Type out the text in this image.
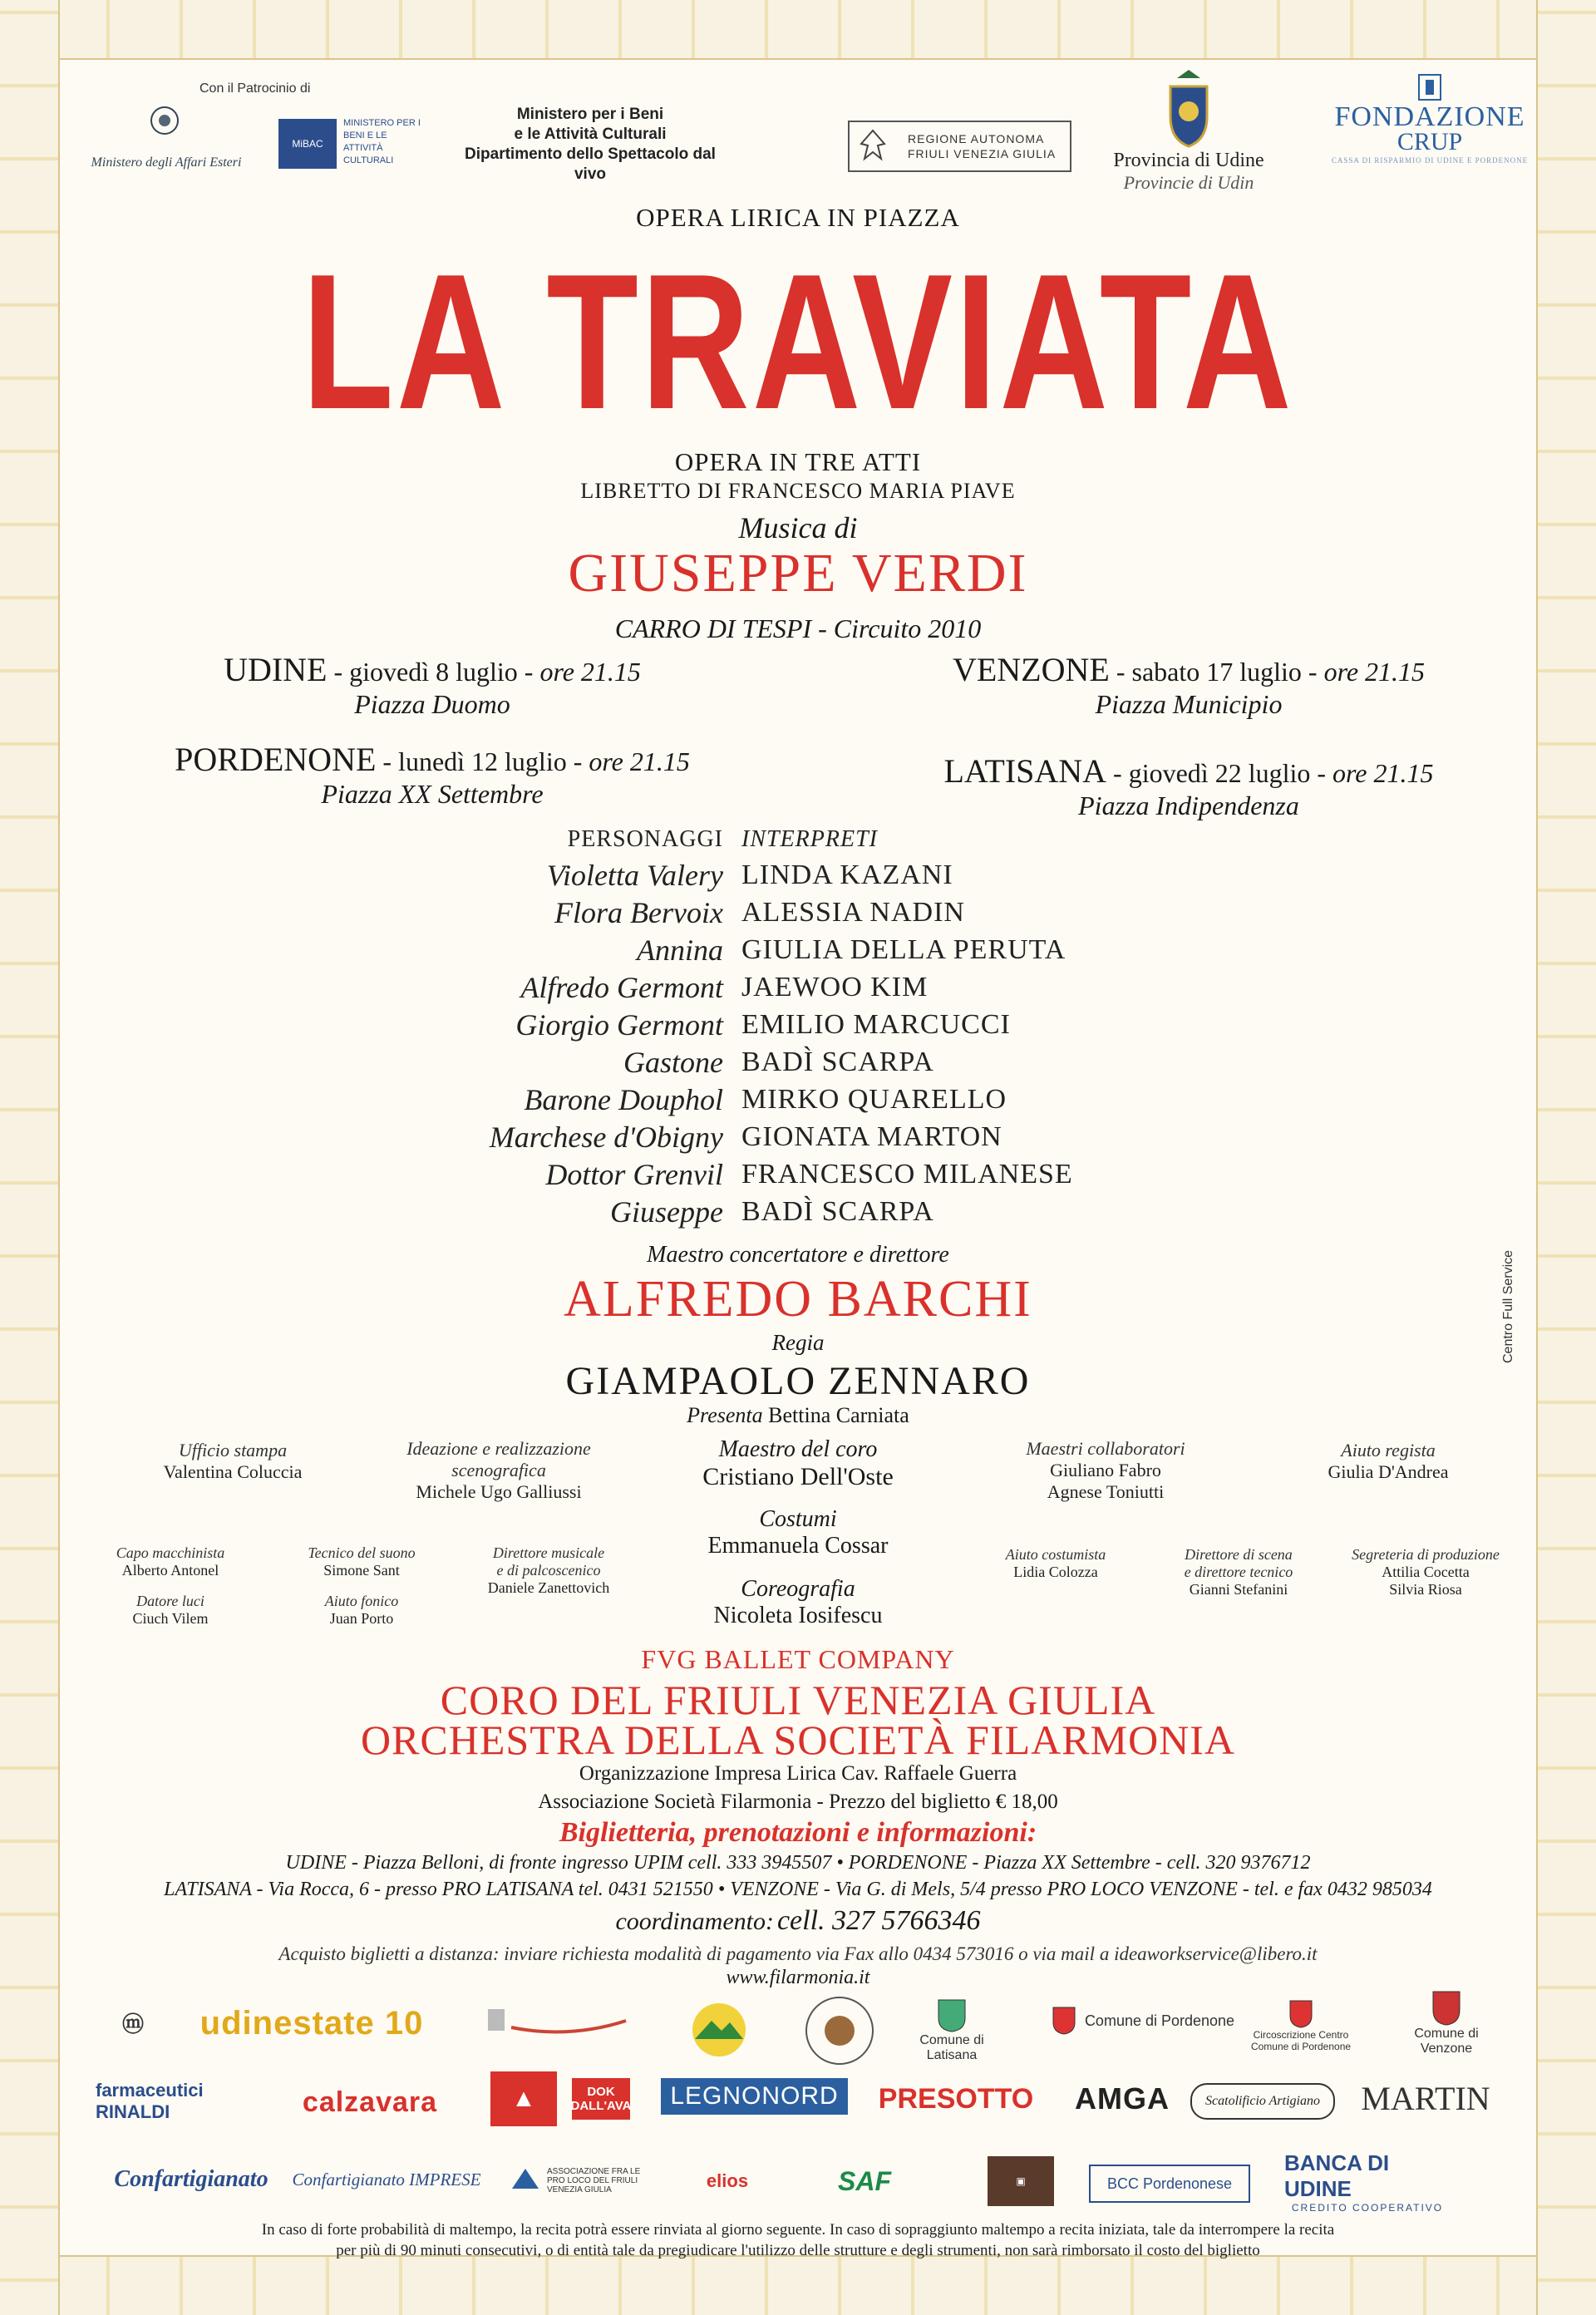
Con il Patrocinio di
Ministero degli Affari Esteri
MiBAC
MINISTERO PER I BENI E LE ATTIVITÀ CULTURALI
Ministero per i Beni
e le Attività Culturali
Dipartimento dello Spettacolo dal vivo
REGIONE AUTONOMA
FRIULI VENEZIA GIULIA	Provincia di Udine
Provincie di Udin
FONDAZIONE
CRUP
CASSA DI RISPARMIO DI UDINE E PORDENONE
OPERA LIRICA IN PIAZZA
LA TRAVIATA
OPERA IN TRE ATTI
LIBRETTO DI FRANCESCO MARIA PIAVE
Musica di
GIUSEPPE VERDI
CARRO DI TESPI - Circuito 2010
UDINE - giovedì 8 luglio - ore 21.15
Piazza Duomo
VENZONE - sabato 17 luglio - ore 21.15
Piazza Municipio
PORDENONE - lunedì 12 luglio - ore 21.15
Piazza XX Settembre
LATISANA - giovedì 22 luglio - ore 21.15
Piazza Indipendenza
PERSONAGGI INTERPRETI
Violetta Valery LINDA KAZANI
Flora Bervoix ALESSIA NADIN
Annina GIULIA DELLA PERUTA
Alfredo Germont JAEWOO KIM
Giorgio Germont EMILIO MARCUCCI
Gastone BADÌ SCARPA
Barone Douphol MIRKO QUARELLO
Marchese d'Obigny GIONATA MARTON
Dottor Grenvil FRANCESCO MILANESE
Giuseppe BADÌ SCARPA
Maestro concertatore e direttore
ALFREDO BARCHI
Regia
GIAMPAOLO ZENNARO
Presenta Bettina Carniata
Ufficio stampa
Valentina Coluccia
Ideazione e realizzazione scenografica
Michele Ugo Galliussi
Maestro del coro
Cristiano Dell'Oste
Maestri collaboratori
Giuliano Fabro
Agnese Toniutti
Aiuto regista
Giulia D'Andrea
Costumi
Emmanuela Cossar
Coreografia
Nicoleta Iosifescu
Capo macchinista
Alberto Antonel
Tecnico del suono
Simone Sant
Direttore musicale
e di palcoscenico
Daniele Zanettovich
Aiuto costumista
Lidia Colozza
Direttore di scena
e direttore tecnico
Gianni Stefanini
Segreteria di produzione
Attilia Cocetta
Silvia Riosa
Datore luci
Ciuch Vilem
Aiuto fonico
Juan Porto
FVG BALLET COMPANY
CORO DEL FRIULI VENEZIA GIULIA
ORCHESTRA DELLA SOCIETÀ FILARMONIA
Organizzazione Impresa Lirica Cav. Raffaele Guerra
Associazione Società Filarmonia - Prezzo del biglietto € 18,00
Biglietteria, prenotazioni e informazioni:
UDINE - Piazza Belloni, di fronte ingresso UPIM cell. 333 3945507 • PORDENONE - Piazza XX Settembre - cell. 320 9376712
LATISANA - Via Rocca, 6 - presso PRO LATISANA tel. 0431 521550 • VENZONE - Via G. di Mels, 5/4 presso PRO LOCO VENZONE - tel. e fax 0432 985034
coordinamento: cell. 327 5766346
Acquisto biglietti a distanza: inviare richiesta modalità di pagamento via Fax allo 0434 573016 o via mail a ideaworkservice@libero.it
www.filarmonia.it
ⓜ	udinestate 10	Comune di Latisana
Comune di Pordenone
Circoscrizione Centro Comune di Pordenone
Comune di Venzone
farmaceutici RINALDI	calzavara	▲	DOK DALL'AVA	LEGNONORD	PRESOTTO	AMGA	Scatolificio Artigiano	MARTIN
Confartigianato Confartigianato IMPRESE	ASSOCIAZIONE FRA LE PRO LOCO DEL FRIULI VENEZIA GIULIA	elios	SAF	▣	BCC Pordenonese
BANCA DI UDINE
CREDITO COOPERATIVO
In caso di forte probabilità di maltempo, la recita potrà essere rinviata al giorno seguente. In caso di sopraggiunto maltempo a recita iniziata, tale da interrompere la recita
per più di 90 minuti consecutivi, o di entità tale da pregiudicare l'utilizzo delle strutture e degli strumenti, non sarà rimborsato il costo del biglietto
Centro Full Service
